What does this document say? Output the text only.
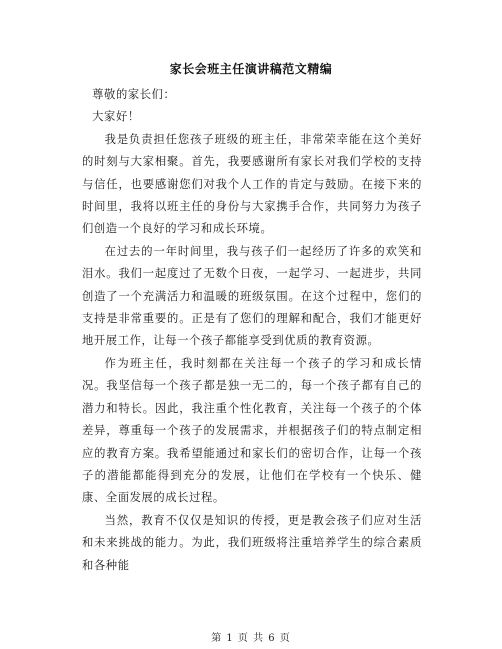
家长会班主任演讲稿范文精编

尊敬的家长们：

大家好！

我是负责担任您孩子班级的班主任，非常荣幸能在这个美好的时刻与大家相聚。首先，我要感谢所有家长对我们学校的支持与信任，也要感谢您们对我个人工作的肯定与鼓励。在接下来的时间里，我将以班主任的身份与大家携手合作，共同努力为孩子们创造一个良好的学习和成长环境。

在过去的一年时间里，我与孩子们一起经历了许多的欢笑和泪水。我们一起度过了无数个日夜，一起学习、一起进步，共同创造了一个充满活力和温暖的班级氛围。在这个过程中，您们的支持是非常重要的。正是有了您们的理解和配合，我们才能更好地开展工作，让每一个孩子都能享受到优质的教育资源。

作为班主任，我时刻都在关注每一个孩子的学习和成长情况。我坚信每一个孩子都是独一无二的，每一个孩子都有自己的潜力和特长。因此，我注重个性化教育，关注每一个孩子的个体差异，尊重每一个孩子的发展需求，并根据孩子们的特点制定相应的教育方案。我希望能通过和家长们的密切合作，让每一个孩子的潜能都能得到充分的发展，让他们在学校有一个快乐、健康、全面发展的成长过程。

当然，教育不仅仅是知识的传授，更是教会孩子们应对生活和未来挑战的能力。为此，我们班级将注重培养学生的综合素质和各种能

第 1 页 共 6 页
